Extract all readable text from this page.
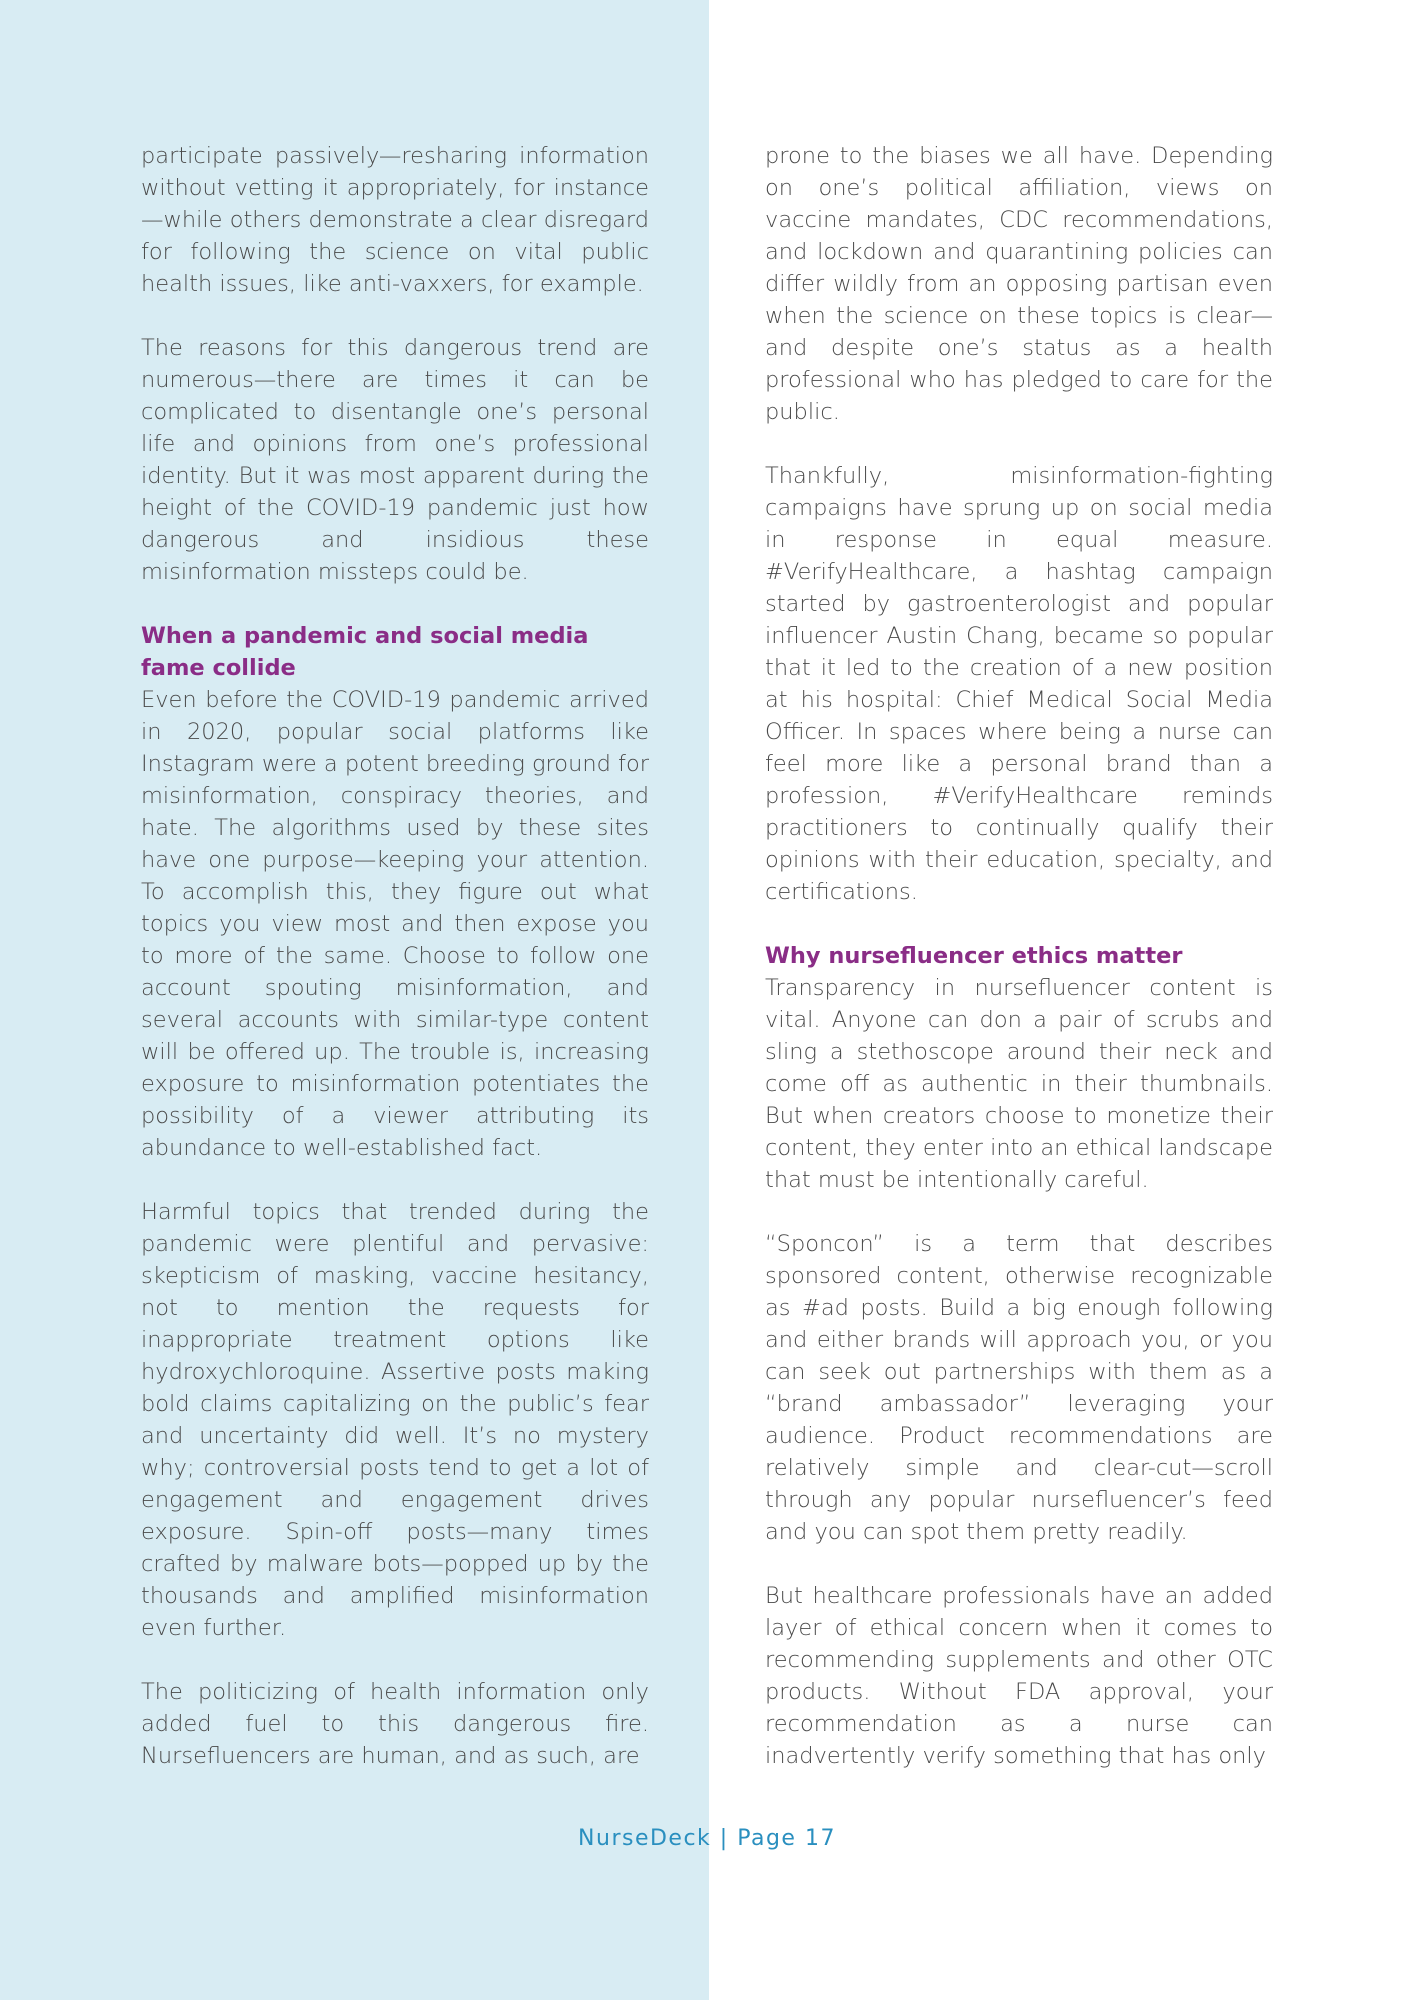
participate passively—resharing information without vetting it appropriately, for instance—while others demonstrate a clear disregard for following the science on vital public health issues, like anti-vaxxers, for example.

The reasons for this dangerous trend are numerous—there are times it can be complicated to disentangle one’s personal life and opinions from one’s professional identity. But it was most apparent during the height of the COVID-19 pandemic just how dangerous and insidious these misinformation missteps could be.

When a pandemic and social media fame collide

Even before the COVID-19 pandemic arrived in 2020, popular social platforms like Instagram were a potent breeding ground for misinformation, conspiracy theories, and hate. The algorithms used by these sites have one purpose—keeping your attention. To accomplish this, they figure out what topics you view most and then expose you to more of the same. Choose to follow one account spouting misinformation, and several accounts with similar-type content will be offered up. The trouble is, increasing exposure to misinformation potentiates the possibility of a viewer attributing its abundance to well-established fact.

Harmful topics that trended during the pandemic were plentiful and pervasive: skepticism of masking, vaccine hesitancy, not to mention the requests for inappropriate treatment options like hydroxychloroquine. Assertive posts making bold claims capitalizing on the public’s fear and uncertainty did well. It’s no mystery why; controversial posts tend to get a lot of engagement and engagement drives exposure. Spin-off posts—many times crafted by malware bots—popped up by the thousands and amplified misinformation even further.

The politicizing of health information only added fuel to this dangerous fire. Nursefluencers are human, and as such, are

prone to the biases we all have. Depending on one’s political affiliation, views on vaccine mandates, CDC recommendations, and lockdown and quarantining policies can differ wildly from an opposing partisan even when the science on these topics is clear—and despite one’s status as a health professional who has pledged to care for the public.

Thankfully, misinformation-fighting campaigns have sprung up on social media in response in equal measure. #VerifyHealthcare, a hashtag campaign started by gastroenterologist and popular influencer Austin Chang, became so popular that it led to the creation of a new position at his hospital: Chief Medical Social Media Officer. In spaces where being a nurse can feel more like a personal brand than a profession, #VerifyHealthcare reminds practitioners to continually qualify their opinions with their education, specialty, and certifications.

Why nursefluencer ethics matter

Transparency in nursefluencer content is vital. Anyone can don a pair of scrubs and sling a stethoscope around their neck and come off as authentic in their thumbnails. But when creators choose to monetize their content, they enter into an ethical landscape that must be intentionally careful.

“Sponcon” is a term that describes sponsored content, otherwise recognizable as #ad posts. Build a big enough following and either brands will approach you, or you can seek out partnerships with them as a “brand ambassador” leveraging your audience. Product recommendations are relatively simple and clear-cut—scroll through any popular nursefluencer’s feed and you can spot them pretty readily.

But healthcare professionals have an added layer of ethical concern when it comes to recommending supplements and other OTC products. Without FDA approval, your recommendation as a nurse can inadvertently verify something that has only

NurseDeck | Page 17
